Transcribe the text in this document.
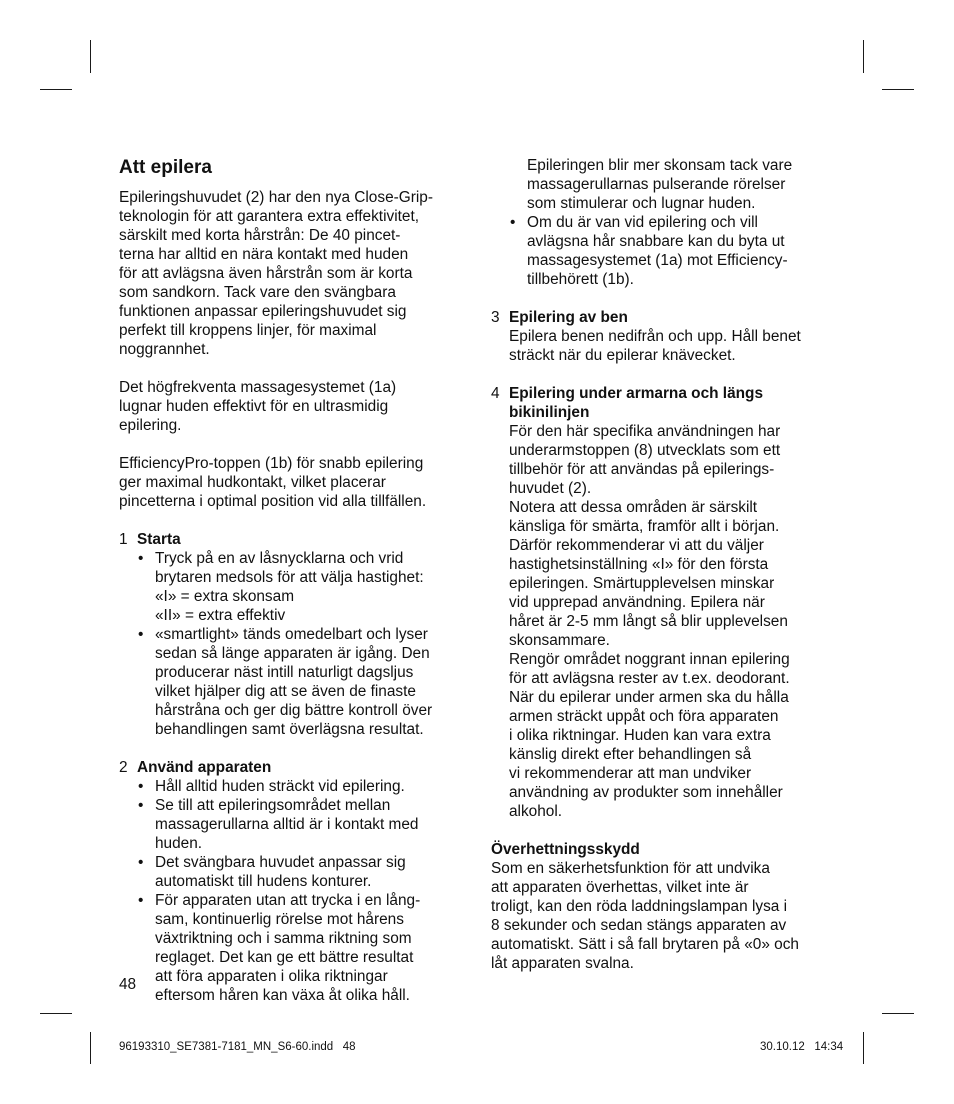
Att epilera

Epileringshuvudet (2) har den nya Close-Grip-
teknologin för att garantera extra effektivitet,
särskilt med korta hårstrån: De 40 pincet-
terna har alltid en nära kontakt med huden
för att avlägsna även hårstrån som är korta
som sandkorn. Tack vare den svängbara
funktionen anpassar epileringshuvudet sig
perfekt till kroppens linjer, för maximal
noggrannhet.

Det högfrekventa massagesystemet (1a)
lugnar huden effektivt för en ultrasmidig
epilering.

EfficiencyPro-toppen (1b) för snabb epilering
ger maximal hudkontakt, vilket placerar
pincetterna i optimal position vid alla tillfällen.

1 Starta
• Tryck på en av låsnycklarna och vrid
brytaren medsols för att välja hastighet:
«I» = extra skonsam
«II» = extra effektiv
• «smartlight» tänds omedelbart och lyser
sedan så länge apparaten är igång. Den
producerar näst intill naturligt dagsljus
vilket hjälper dig att se även de finaste
hårstråna och ger dig bättre kontroll över
behandlingen samt överlägsna resultat.
2 Använd apparaten
• Håll alltid huden sträckt vid epilering.
• Se till att epileringsområdet mellan
massagerullarna alltid är i kontakt med
huden.
• Det svängbara huvudet anpassar sig
automatiskt till hudens konturer.
• För apparaten utan att trycka i en lång-
sam, kontinuerlig rörelse mot hårens
växtriktning och i samma riktning som
reglaget. Det kan ge ett bättre resultat
att föra apparaten i olika riktningar
eftersom håren kan växa åt olika håll.
Epileringen blir mer skonsam tack vare
massagerullarnas pulserande rörelser
som stimulerar och lugnar huden.
• Om du är van vid epilering och vill
avlägsna hår snabbare kan du byta ut
massagesystemet (1a) mot Efficiency-
tillbehörett (1b).
3 Epilering av ben
Epilera benen nedifrån och upp. Håll benet
sträckt när du epilerar knävecket.
4 Epilering under armarna och längs
bikinilinjen
För den här specifika användningen har
underarmstoppen (8) utvecklats som ett
tillbehör för att användas på epilerings-
huvudet (2).
Notera att dessa områden är särskilt
känsliga för smärta, framför allt i början.
Därför rekommenderar vi att du väljer
hastighetsinställning «I» för den första
epileringen. Smärtupplevelsen minskar
vid upprepad användning. Epilera när
håret är 2-5 mm långt så blir upplevelsen
skonsammare.
Rengör området noggrant innan epilering
för att avlägsna rester av t.ex. deodorant.
När du epilerar under armen ska du hålla
armen sträckt uppåt och föra apparaten
i olika riktningar. Huden kan vara extra
känslig direkt efter behandlingen så
vi rekommenderar att man undviker
användning av produkter som innehåller
alkohol.
Överhettningsskydd
Som en säkerhetsfunktion för att undvika
att apparaten överhettas, vilket inte är
troligt, kan den röda laddningslampan lysa i
8 sekunder och sedan stängs apparaten av
automatiskt. Sätt i så fall brytaren på «0» och
låt apparaten svalna.
48
96193310_SE7381-7181_MN_S6-60.indd   48	30.10.12   14:34
